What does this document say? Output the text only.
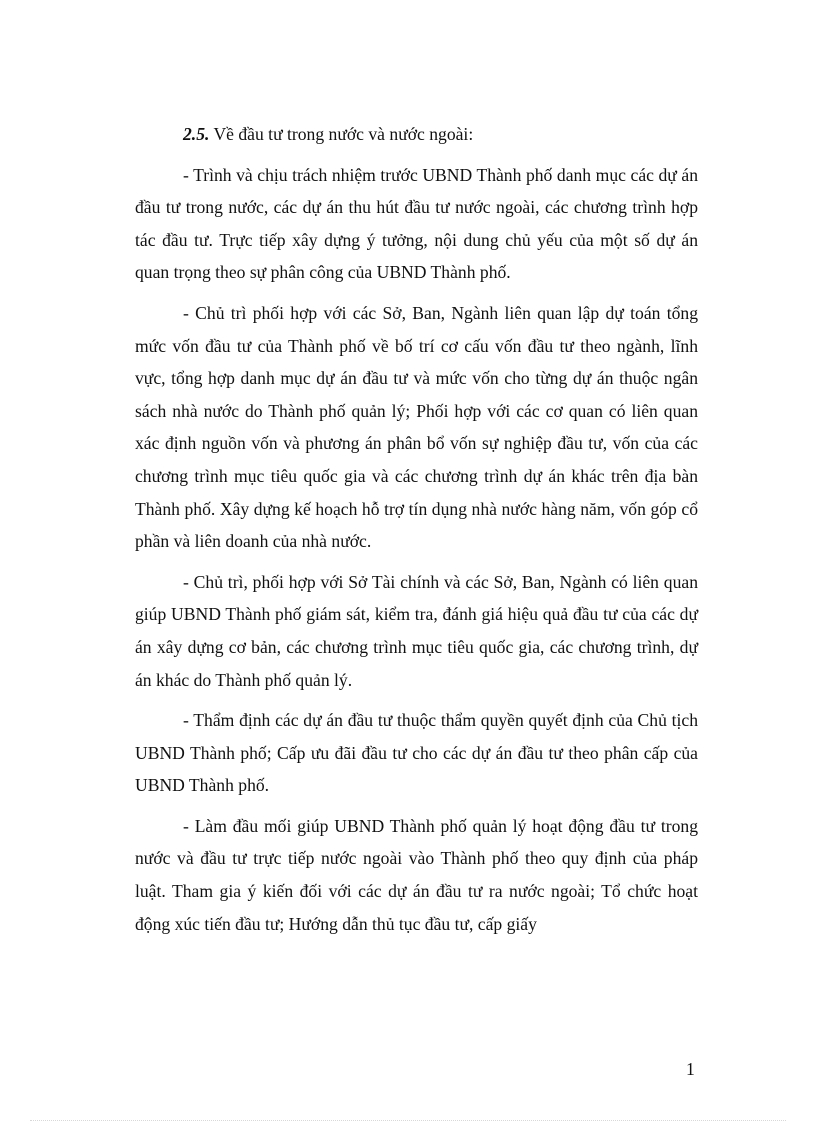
2.5. Về đầu tư trong nước và nước ngoài:

- Trình và chịu trách nhiệm trước UBND Thành phố danh mục các dự án đầu tư trong nước, các dự án thu hút đầu tư nước ngoài, các chương trình hợp tác đầu tư. Trực tiếp xây dựng ý tưởng, nội dung chủ yếu của một số dự án quan trọng theo sự phân công của UBND Thành phố.

- Chủ trì phối hợp với các Sở, Ban, Ngành liên quan lập dự toán tổng mức vốn đầu tư của Thành phố về bố trí cơ cấu vốn đầu tư theo ngành, lĩnh vực, tổng hợp danh mục dự án đầu tư và mức vốn cho từng dự án thuộc ngân sách nhà nước do Thành phố quản lý; Phối hợp với các cơ quan có liên quan xác định nguồn vốn và phương án phân bổ vốn sự nghiệp đầu tư, vốn của các chương trình mục tiêu quốc gia và các chương trình dự án khác trên địa bàn Thành phố. Xây dựng kế hoạch hỗ trợ tín dụng nhà nước hàng năm, vốn góp cổ phần và liên doanh của nhà nước.

- Chủ trì, phối hợp với Sở Tài chính và các Sở, Ban, Ngành có liên quan giúp UBND Thành phố giám sát, kiểm tra, đánh giá hiệu quả đầu tư của các dự án xây dựng cơ bản, các chương trình mục tiêu quốc gia, các chương trình, dự án khác do Thành phố quản lý.

- Thẩm định các dự án đầu tư thuộc thẩm quyền quyết định của Chủ tịch UBND Thành phố; Cấp ưu đãi đầu tư cho các dự án đầu tư theo phân cấp của UBND Thành phố.

- Làm đầu mối giúp UBND Thành phố quản lý hoạt động đầu tư trong nước và đầu tư trực tiếp nước ngoài vào Thành phố theo quy định của pháp luật. Tham gia ý kiến đối với các dự án đầu tư ra nước ngoài; Tổ chức hoạt động xúc tiến đầu tư; Hướng dẫn thủ tục đầu tư, cấp giấy

1
